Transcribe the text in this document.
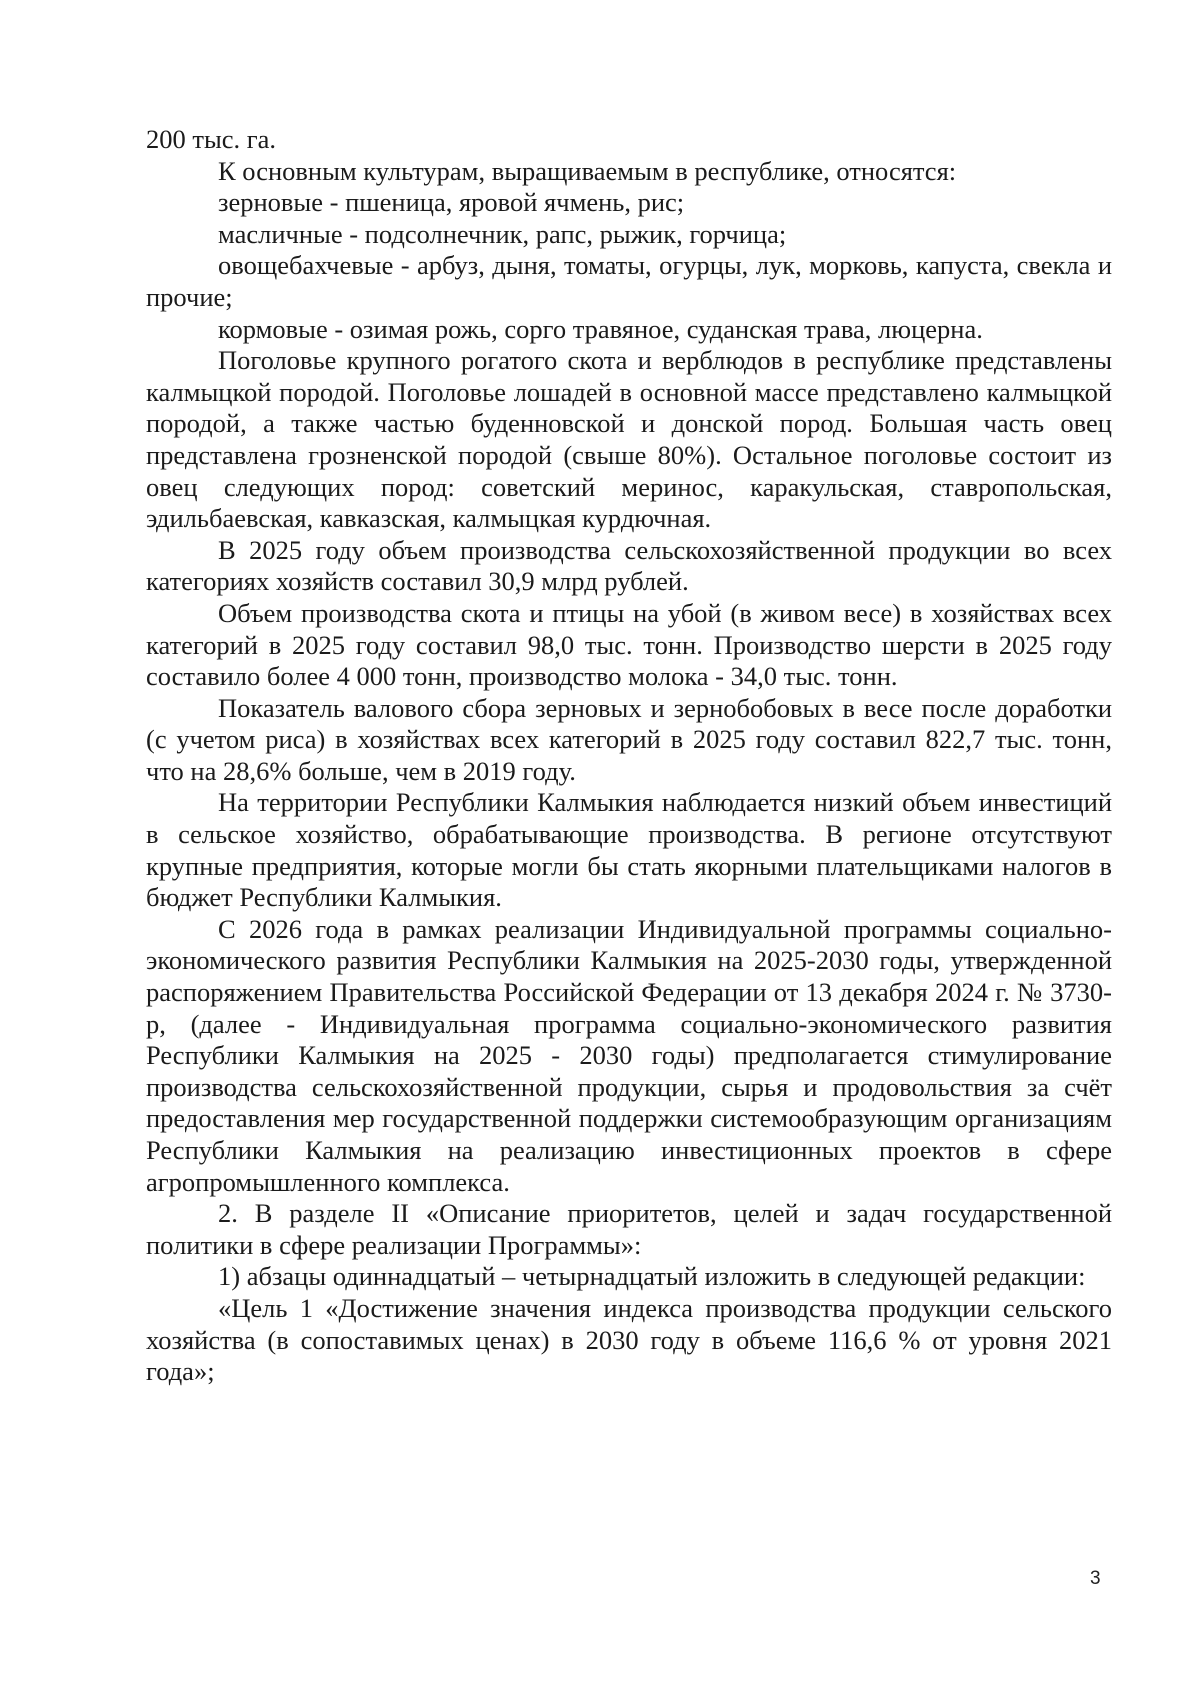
200 тыс. га.

К основным культурам, выращиваемым в республике, относятся:

зерновые - пшеница, яровой ячмень, рис;

масличные - подсолнечник, рапс, рыжик, горчица;

овощебахчевые - арбуз, дыня, томаты, огурцы, лук, морковь, капуста, свекла и прочие;

кормовые - озимая рожь, сорго травяное, суданская трава, люцерна.

Поголовье крупного рогатого скота и верблюдов в республике представлены калмыцкой породой. Поголовье лошадей в основной массе представлено калмыцкой породой, а также частью буденновской и донской пород. Большая часть овец представлена грозненской породой (свыше 80%). Остальное поголовье состоит из овец следующих пород: советский меринос, каракульская, ставропольская, эдильбаевская, кавказская, калмыцкая курдючная.

В 2025 году объем производства сельскохозяйственной продукции во всех категориях хозяйств составил 30,9 млрд рублей.

Объем производства скота и птицы на убой (в живом весе) в хозяйствах всех категорий в 2025 году составил 98,0 тыс. тонн. Производство шерсти в 2025 году составило более 4 000 тонн, производство молока - 34,0 тыс. тонн.

Показатель валового сбора зерновых и зернобобовых в весе после доработки (с учетом риса) в хозяйствах всех категорий в 2025 году составил 822,7 тыс. тонн, что на 28,6% больше, чем в 2019 году.

На территории Республики Калмыкия наблюдается низкий объем инвестиций в сельское хозяйство, обрабатывающие производства. В регионе отсутствуют крупные предприятия, которые могли бы стать якорными плательщиками налогов в бюджет Республики Калмыкия.

С 2026 года в рамках реализации Индивидуальной программы социально-экономического развития Республики Калмыкия на 2025-2030 годы, утвержденной распоряжением Правительства Российской Федерации от 13 декабря 2024 г. № 3730-р, (далее - Индивидуальная программа социально-экономического развития Республики Калмыкия на 2025 - 2030 годы) предполагается стимулирование производства сельскохозяйственной продукции, сырья и продовольствия за счёт предоставления мер государственной поддержки системообразующим организациям Республики Калмыкия на реализацию инвестиционных проектов в сфере агропромышленного комплекса.

2. В разделе II «Описание приоритетов, целей и задач государственной политики в сфере реализации Программы»:

1) абзацы одиннадцатый – четырнадцатый изложить в следующей редакции:

«Цель 1 «Достижение значения индекса производства продукции сельского хозяйства (в сопоставимых ценах) в 2030 году в объеме 116,6 % от уровня 2021 года»;

3
